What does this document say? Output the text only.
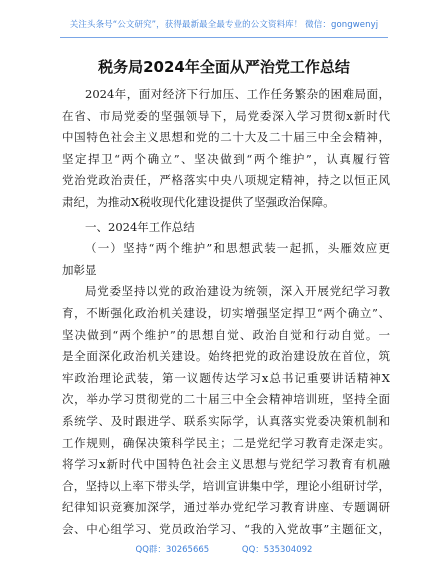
关注头条号“公文研究”，获得最新最全最专业的公文资料库！ 微信：gongwenyj
税务局2024年全面从严治党工作总结

2024年，面对经济下行加压、工作任务繁杂的困难局面，
在省、市局党委的坚强领导下，局党委深入学习贯彻x新时代
中国特色社会主义思想和党的二十大及二十届三中全会精神，
坚定捍卫“两个确立”、坚决做到“两个维护”，认真履行管
党治党政治责任，严格落实中央八项规定精神，持之以恒正风
肃纪，为推动X税收现代化建设提供了坚强政治保障。

一、2024年工作总结

（一）坚持“两个维护”和思想武装一起抓，头雁效应更
加彰显

局党委坚持以党的政治建设为统领，深入开展党纪学习教
育，不断强化政治机关建设，切实增强坚定捍卫“两个确立”、
坚决做到“两个维护”的思想自觉、政治自觉和行动自觉。一
是全面深化政治机关建设。始终把党的政治建设放在首位，筑
牢政治理论武装，第一议题传达学习x总书记重要讲话精神X
次，举办学习贯彻党的二十届三中全会精神培训班，坚持全面
系统学、及时跟进学、联系实际学，认真落实党委决策机制和
工作规则，确保决策科学民主；二是党纪学习教育走深走实。
将学习x新时代中国特色社会主义思想与党纪学习教育有机融
合，坚持以上率下带头学，培训宣讲集中学，理论小组研讨学，
纪律知识竞赛加深学，通过举办党纪学习教育讲座、专题调研
会、中心组学习、党员政治学习、“我的入党故事”主题征文，

QQ群：30265665	QQ：535304092
